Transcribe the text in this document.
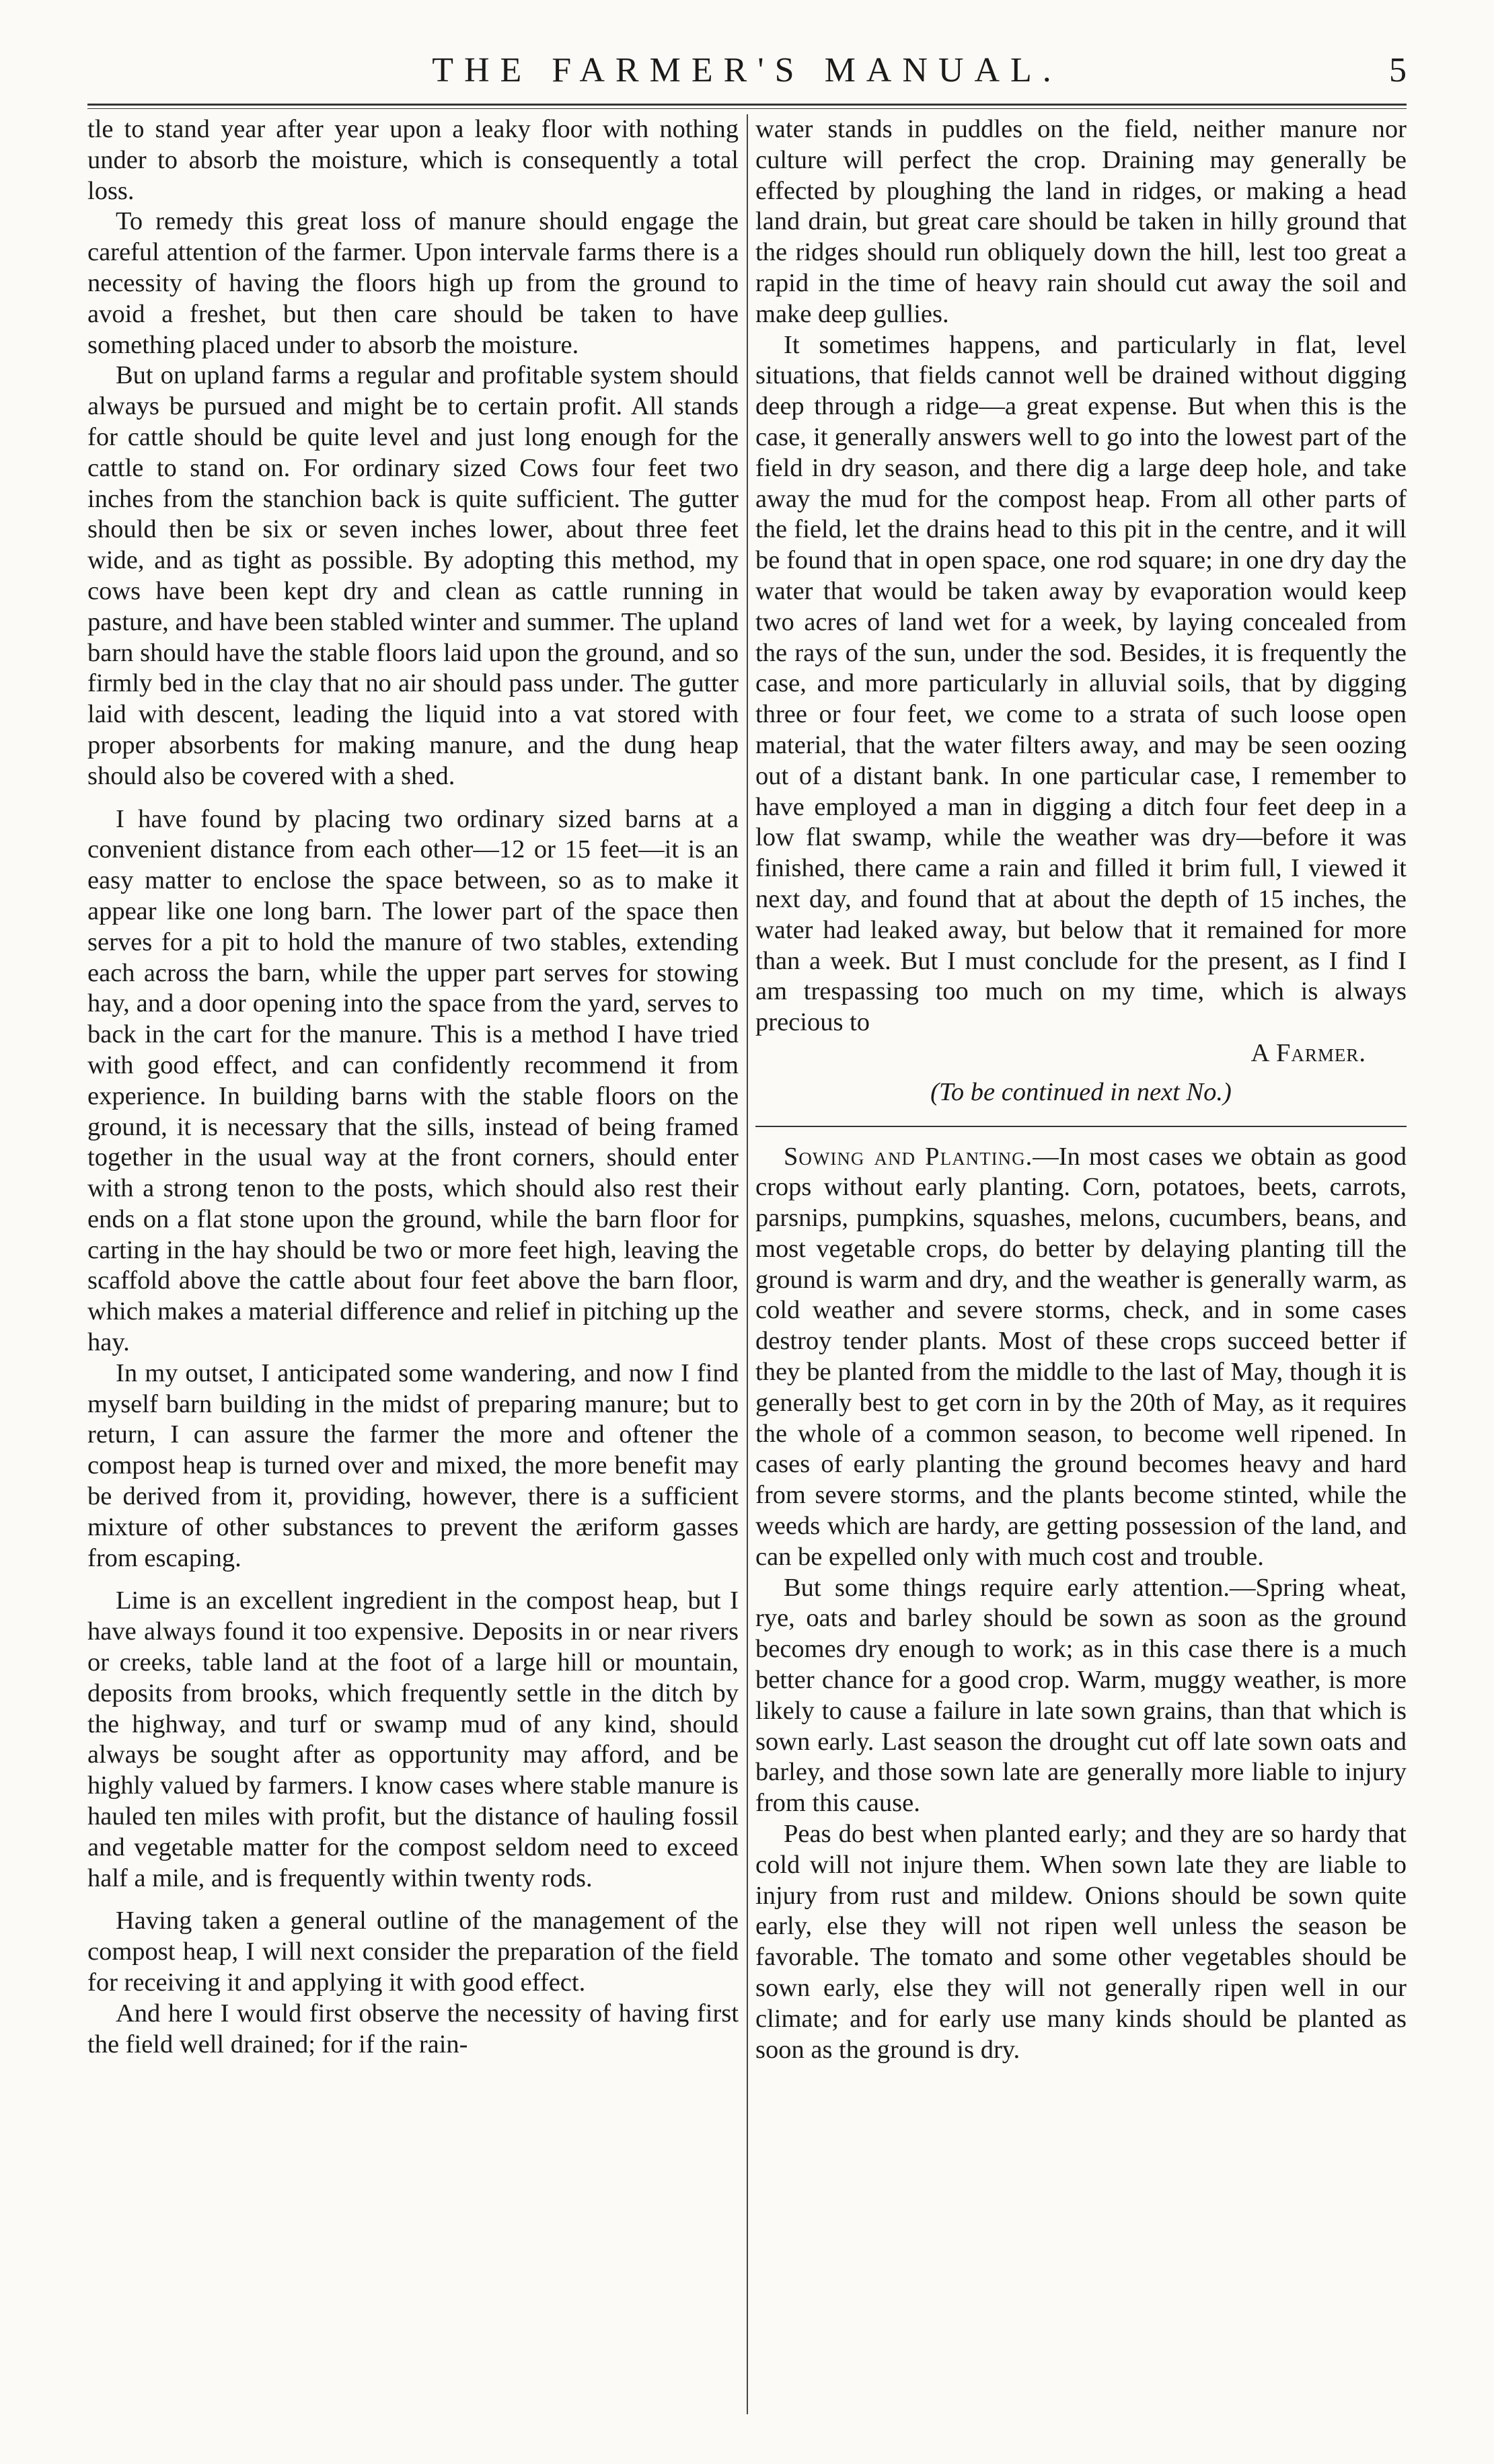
THE FARMER'S MANUAL.	5

tle to stand year after year upon a leaky floor with nothing under to absorb the moisture, which is consequently a total loss.

To remedy this great loss of manure should engage the careful attention of the farmer. Upon intervale farms there is a necessity of having the floors high up from the ground to avoid a freshet, but then care should be taken to have something placed under to absorb the moisture.

But on upland farms a regular and profitable system should always be pursued and might be to certain profit. All stands for cattle should be quite level and just long enough for the cattle to stand on. For ordinary sized Cows four feet two inches from the stanchion back is quite sufficient. The gutter should then be six or seven inches lower, about three feet wide, and as tight as possible. By adopting this method, my cows have been kept dry and clean as cattle running in pasture, and have been stabled winter and summer. The upland barn should have the stable floors laid upon the ground, and so firmly bed in the clay that no air should pass under. The gutter laid with descent, leading the liquid into a vat stored with proper absorbents for making manure, and the dung heap should also be covered with a shed.

I have found by placing two ordinary sized barns at a convenient distance from each other—12 or 15 feet—it is an easy matter to enclose the space between, so as to make it appear like one long barn. The lower part of the space then serves for a pit to hold the manure of two stables, extending each across the barn, while the upper part serves for stowing hay, and a door opening into the space from the yard, serves to back in the cart for the manure. This is a method I have tried with good effect, and can confidently recommend it from experience. In building barns with the stable floors on the ground, it is necessary that the sills, instead of being framed together in the usual way at the front corners, should enter with a strong tenon to the posts, which should also rest their ends on a flat stone upon the ground, while the barn floor for carting in the hay should be two or more feet high, leaving the scaffold above the cattle about four feet above the barn floor, which makes a material difference and relief in pitching up the hay.

In my outset, I anticipated some wandering, and now I find myself barn building in the midst of preparing manure; but to return, I can assure the farmer the more and oftener the compost heap is turned over and mixed, the more benefit may be derived from it, providing, however, there is a sufficient mixture of other substances to prevent the æriform gasses from escaping.

Lime is an excellent ingredient in the compost heap, but I have always found it too expensive. Deposits in or near rivers or creeks, table land at the foot of a large hill or mountain, deposits from brooks, which frequently settle in the ditch by the highway, and turf or swamp mud of any kind, should always be sought after as opportunity may afford, and be highly valued by farmers. I know cases where stable manure is hauled ten miles with profit, but the distance of hauling fossil and vegetable matter for the compost seldom need to exceed half a mile, and is frequently within twenty rods.

Having taken a general outline of the management of the compost heap, I will next consider the preparation of the field for receiving it and applying it with good effect.

And here I would first observe the necessity of having first the field well drained; for if the rain-

water stands in puddles on the field, neither manure nor culture will perfect the crop. Draining may generally be effected by ploughing the land in ridges, or making a head land drain, but great care should be taken in hilly ground that the ridges should run obliquely down the hill, lest too great a rapid in the time of heavy rain should cut away the soil and make deep gullies.

It sometimes happens, and particularly in flat, level situations, that fields cannot well be drained without digging deep through a ridge—a great expense. But when this is the case, it generally answers well to go into the lowest part of the field in dry season, and there dig a large deep hole, and take away the mud for the compost heap. From all other parts of the field, let the drains head to this pit in the centre, and it will be found that in open space, one rod square; in one dry day the water that would be taken away by evaporation would keep two acres of land wet for a week, by laying concealed from the rays of the sun, under the sod. Besides, it is frequently the case, and more particularly in alluvial soils, that by digging three or four feet, we come to a strata of such loose open material, that the water filters away, and may be seen oozing out of a distant bank. In one particular case, I remember to have employed a man in digging a ditch four feet deep in a low flat swamp, while the weather was dry—before it was finished, there came a rain and filled it brim full, I viewed it next day, and found that at about the depth of 15 inches, the water had leaked away, but below that it remained for more than a week. But I must conclude for the present, as I find I am trespassing too much on my time, which is always precious to

A Farmer.
(To be continued in next No.)

Sowing and Planting.—In most cases we obtain as good crops without early planting. Corn, potatoes, beets, carrots, parsnips, pumpkins, squashes, melons, cucumbers, beans, and most vegetable crops, do better by delaying planting till the ground is warm and dry, and the weather is generally warm, as cold weather and severe storms, check, and in some cases destroy tender plants. Most of these crops succeed better if they be planted from the middle to the last of May, though it is generally best to get corn in by the 20th of May, as it requires the whole of a common season, to become well ripened. In cases of early planting the ground becomes heavy and hard from severe storms, and the plants become stinted, while the weeds which are hardy, are getting possession of the land, and can be expelled only with much cost and trouble.

But some things require early attention.—Spring wheat, rye, oats and barley should be sown as soon as the ground becomes dry enough to work; as in this case there is a much better chance for a good crop. Warm, muggy weather, is more likely to cause a failure in late sown grains, than that which is sown early. Last season the drought cut off late sown oats and barley, and those sown late are generally more liable to injury from this cause.

Peas do best when planted early; and they are so hardy that cold will not injure them. When sown late they are liable to injury from rust and mildew. Onions should be sown quite early, else they will not ripen well unless the season be favorable. The tomato and some other vegetables should be sown early, else they will not generally ripen well in our climate; and for early use many kinds should be planted as soon as the ground is dry.
